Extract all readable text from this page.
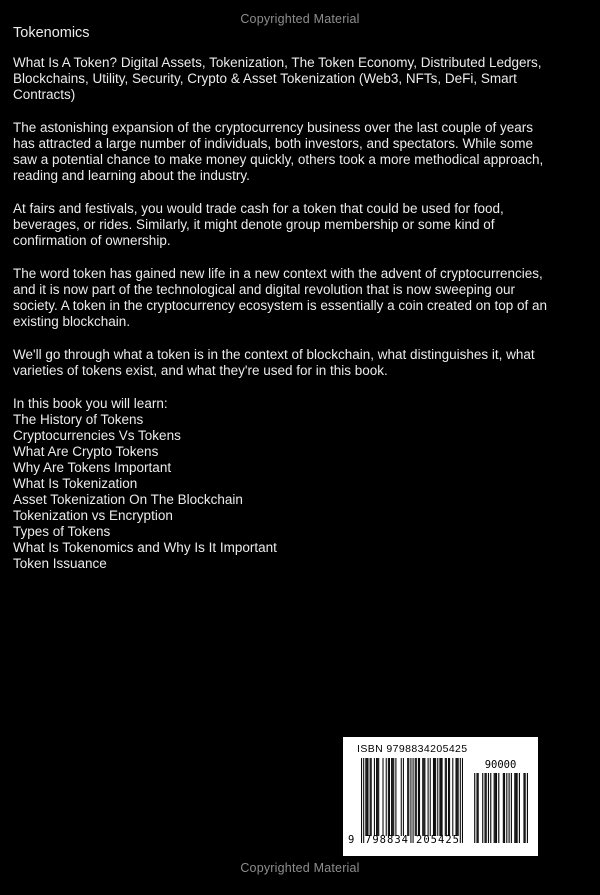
Copyrighted Material
Tokenomics

What Is A Token? Digital Assets, Tokenization, The Token Economy, Distributed Ledgers, Blockchains, Utility, Security, Crypto & Asset Tokenization (Web3, NFTs, DeFi, Smart Contracts)

The astonishing expansion of the cryptocurrency business over the last couple of years has attracted a large number of individuals, both investors, and spectators. While some saw a potential chance to make money quickly, others took a more methodical approach, reading and learning about the industry.

At fairs and festivals, you would trade cash for a token that could be used for food, beverages, or rides. Similarly, it might denote group membership or some kind of confirmation of ownership.

The word token has gained new life in a new context with the advent of cryptocurrencies, and it is now part of the technological and digital revolution that is now sweeping our society. A token in the cryptocurrency ecosystem is essentially a coin created on top of an existing blockchain.

We'll go through what a token is in the context of blockchain, what distinguishes it, what varieties of tokens exist, and what they're used for in this book.

In this book you will learn:
The History of Tokens
Cryptocurrencies Vs Tokens
What Are Crypto Tokens
Why Are Tokens Important
What Is Tokenization
Asset Tokenization On The Blockchain
Tokenization vs Encryption
Types of Tokens
What Is Tokenomics and Why Is It Important
Token Issuance
ISBN 9798834205425
9 798834 205425
90000
Copyrighted Material
